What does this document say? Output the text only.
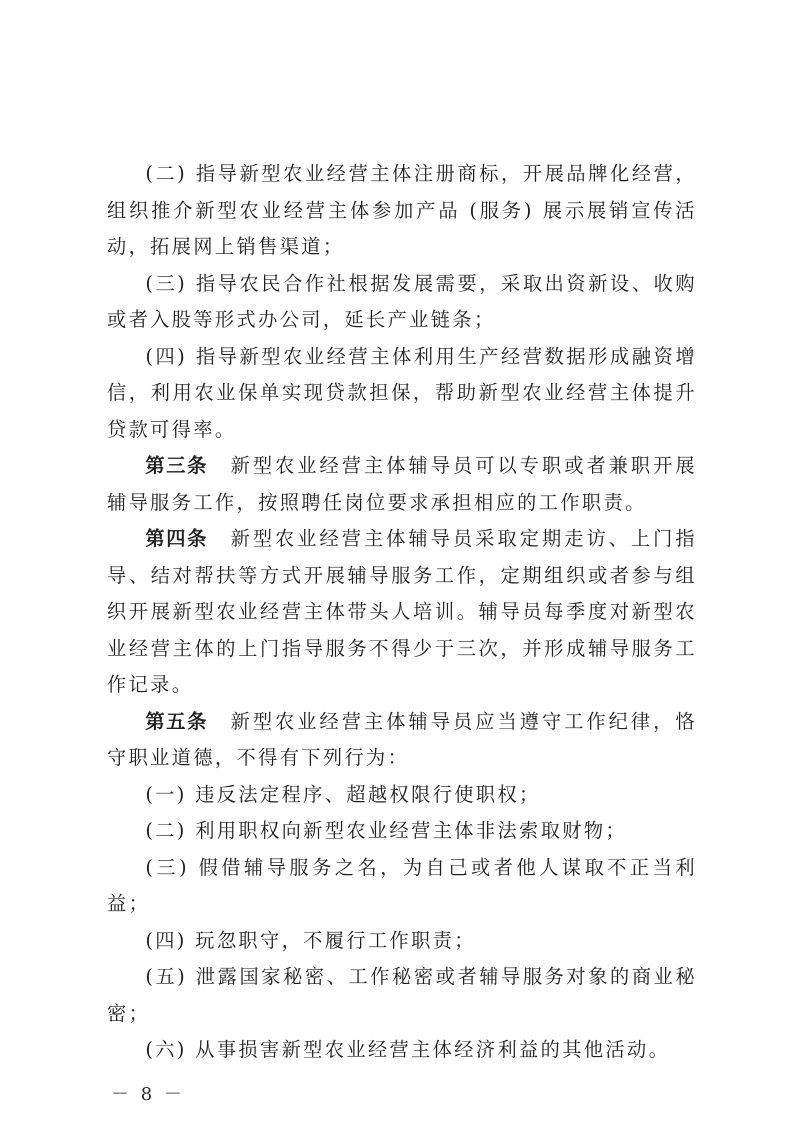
(二) 指导新型农业经营主体注册商标，开展品牌化经营，组织推介新型农业经营主体参加产品 (服务) 展示展销宣传活动，拓展网上销售渠道；

(三) 指导农民合作社根据发展需要，采取出资新设、收购或者入股等形式办公司，延长产业链条；

(四) 指导新型农业经营主体利用生产经营数据形成融资增信，利用农业保单实现贷款担保，帮助新型农业经营主体提升贷款可得率。

第三条 新型农业经营主体辅导员可以专职或者兼职开展辅导服务工作，按照聘任岗位要求承担相应的工作职责。

第四条 新型农业经营主体辅导员采取定期走访、上门指导、结对帮扶等方式开展辅导服务工作，定期组织或者参与组织开展新型农业经营主体带头人培训。辅导员每季度对新型农业经营主体的上门指导服务不得少于三次，并形成辅导服务工作记录。

第五条 新型农业经营主体辅导员应当遵守工作纪律，恪守职业道德，不得有下列行为：

(一) 违反法定程序、超越权限行使职权；

(二) 利用职权向新型农业经营主体非法索取财物；

(三) 假借辅导服务之名，为自己或者他人谋取不正当利益；

(四) 玩忽职守，不履行工作职责；

(五) 泄露国家秘密、工作秘密或者辅导服务对象的商业秘密；

(六) 从事损害新型农业经营主体经济利益的其他活动。

－ 8 －
